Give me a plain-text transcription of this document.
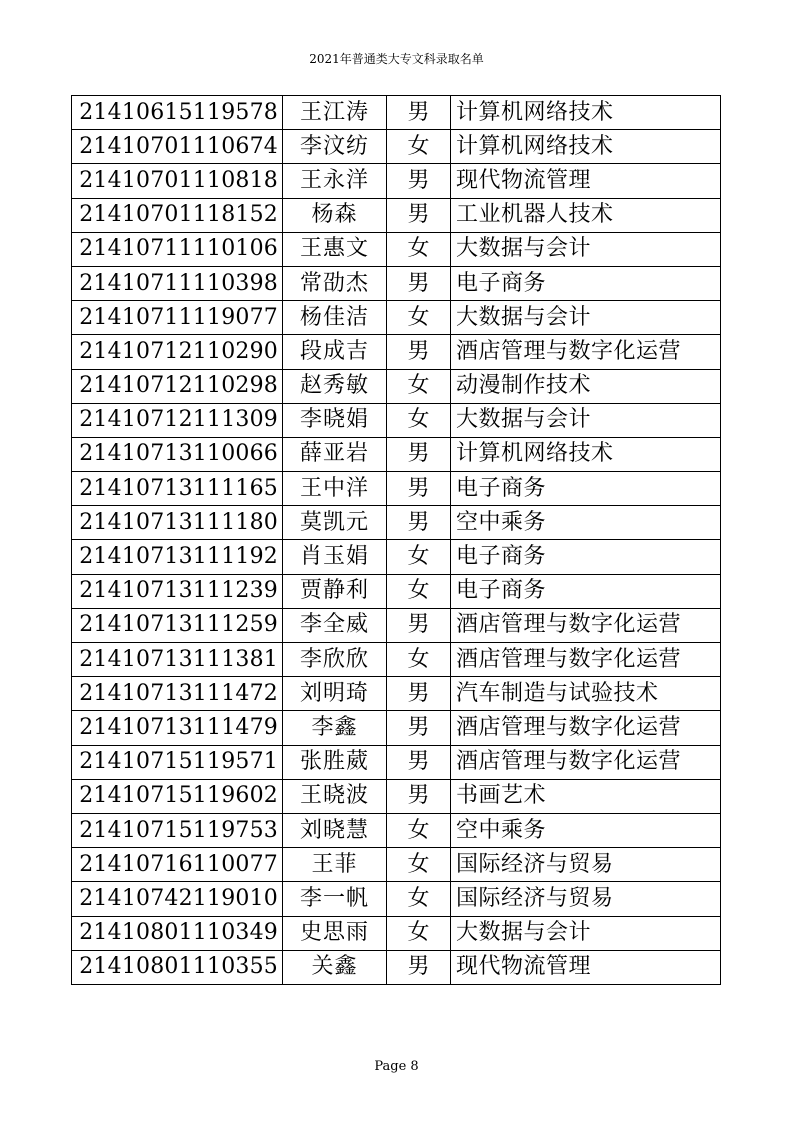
2021年普通类大专文科录取名单
21410615119578	王江涛	男	计算机网络技术
21410701110674	李汶纺	女	计算机网络技术
21410701110818	王永洋	男	现代物流管理
21410701118152	杨森	男	工业机器人技术
21410711110106	王惠文	女	大数据与会计
21410711110398	常劭杰	男	电子商务
21410711119077	杨佳洁	女	大数据与会计
21410712110290	段成吉	男	酒店管理与数字化运营
21410712110298	赵秀敏	女	动漫制作技术
21410712111309	李晓娟	女	大数据与会计
21410713110066	薛亚岩	男	计算机网络技术
21410713111165	王中洋	男	电子商务
21410713111180	莫凯元	男	空中乘务
21410713111192	肖玉娟	女	电子商务
21410713111239	贾静利	女	电子商务
21410713111259	李全威	男	酒店管理与数字化运营
21410713111381	李欣欣	女	酒店管理与数字化运营
21410713111472	刘明琦	男	汽车制造与试验技术
21410713111479	李鑫	男	酒店管理与数字化运营
21410715119571	张胜葳	男	酒店管理与数字化运营
21410715119602	王晓波	男	书画艺术
21410715119753	刘晓慧	女	空中乘务
21410716110077	王菲	女	国际经济与贸易
21410742119010	李一帆	女	国际经济与贸易
21410801110349	史思雨	女	大数据与会计
21410801110355	关鑫	男	现代物流管理
Page 8
